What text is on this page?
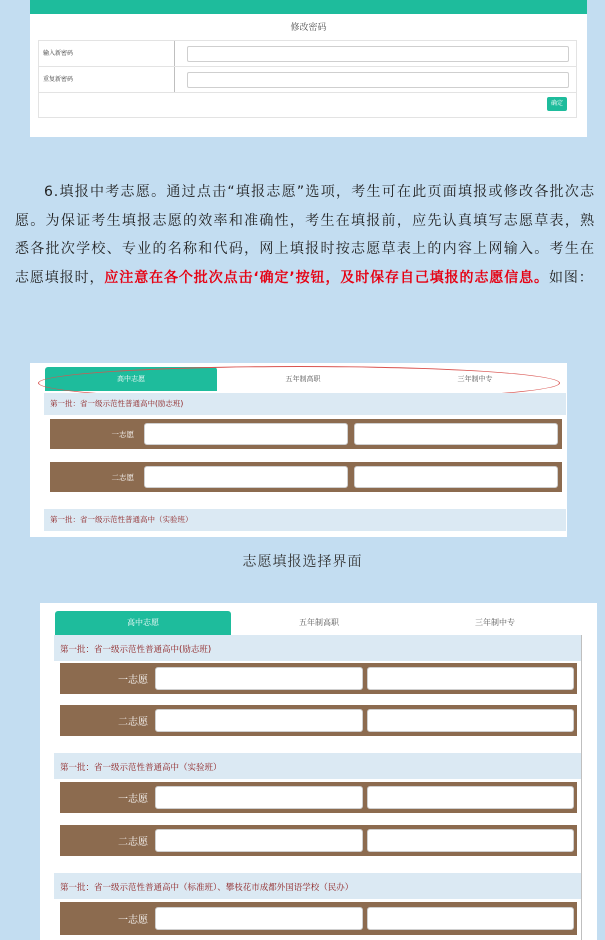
修改密码
输入新密码
重复新密码
确定
6.填报中考志愿。通过点击“填报志愿”选项，考生可在此页面填报或修改各批次志愿。为保证考生填报志愿的效率和准确性，考生在填报前，应先认真填写志愿草表，熟悉各批次学校、专业的名称和代码，网上填报时按志愿草表上的内容上网输入。考生在志愿填报时，应注意在各个批次点击‘确定’按钮，及时保存自己填报的志愿信息。如图：
高中志愿	五年制高职	三年制中专
第一批：省一级示范性普通高中(励志班)
一志愿
二志愿
第一批：省一级示范性普通高中（实验班）
志愿填报选择界面
高中志愿	五年制高职	三年制中专
第一批：省一级示范性普通高中(励志班)
一志愿
二志愿
第一批：省一级示范性普通高中（实验班）
一志愿
二志愿
第一批：省一级示范性普通高中（标准班）、攀枝花市成都外国语学校（民办）
一志愿
